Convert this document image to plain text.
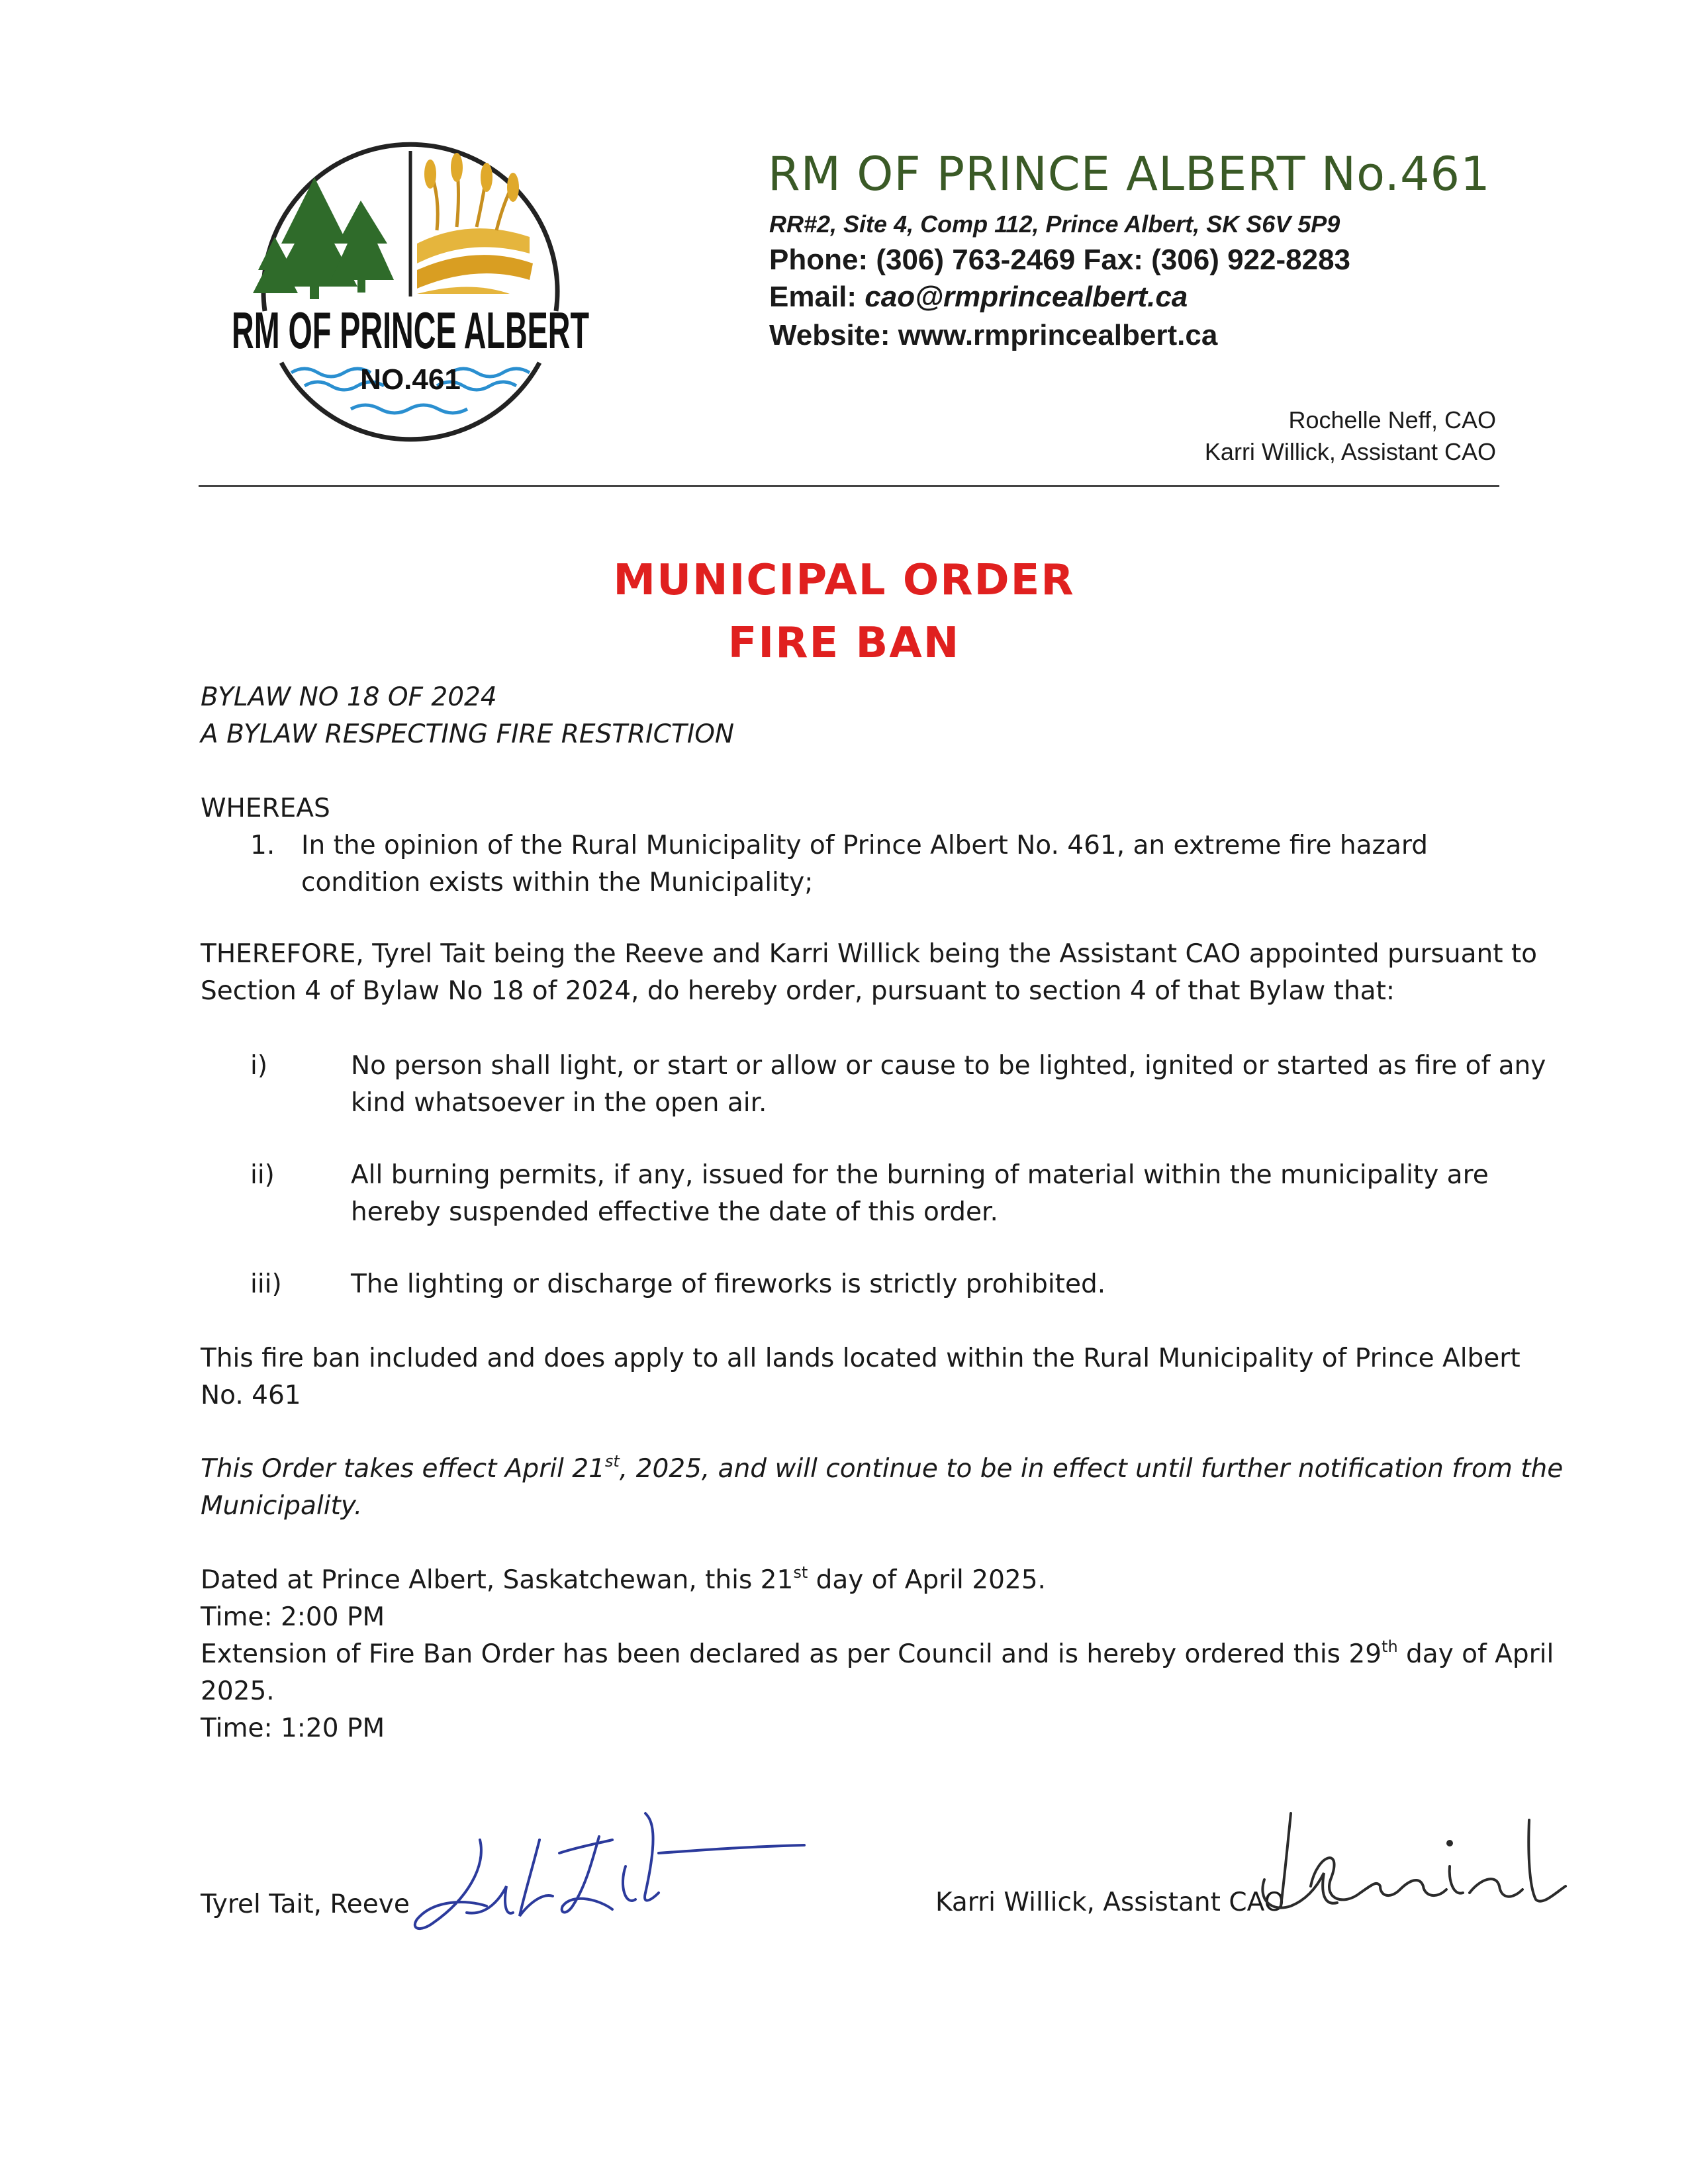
RM OF PRINCE ALBERT
NO.461
RM OF PRINCE ALBERT No.461
RR#2, Site 4, Comp 112, Prince Albert, SK S6V 5P9
Phone: (306) 763-2469 Fax: (306) 922-8283
Email: cao@rmprincealbert.ca
Website: www.rmprincealbert.ca
Rochelle Neff, CAO
Karri Willick, Assistant CAO
MUNICIPAL ORDER
FIRE BAN
BYLAW NO 18 OF 2024
A BYLAW RESPECTING FIRE RESTRICTION
WHEREAS
1. In the opinion of the Rural Municipality of Prince Albert No. 461, an extreme fire hazard
condition exists within the Municipality;
THEREFORE, Tyrel Tait being the Reeve and Karri Willick being the Assistant CAO appointed pursuant to
Section 4 of Bylaw No 18 of 2024, do hereby order, pursuant to section 4 of that Bylaw that:
i)	No person shall light, or start or allow or cause to be lighted, ignited or started as fire of any
kind whatsoever in the open air.
ii)	All burning permits, if any, issued for the burning of material within the municipality are
hereby suspended effective the date of this order.
iii)	The lighting or discharge of fireworks is strictly prohibited.
This fire ban included and does apply to all lands located within the Rural Municipality of Prince Albert
No. 461
This Order takes effect April 21st, 2025, and will continue to be in effect until further notification from the
Municipality.
Dated at Prince Albert, Saskatchewan, this 21st day of April 2025.
Time: 2:00 PM
Extension of Fire Ban Order has been declared as per Council and is hereby ordered this 29th day of April
2025.
Time: 1:20 PM
Tyrel Tait, Reeve	Karri Willick, Assistant CAO
